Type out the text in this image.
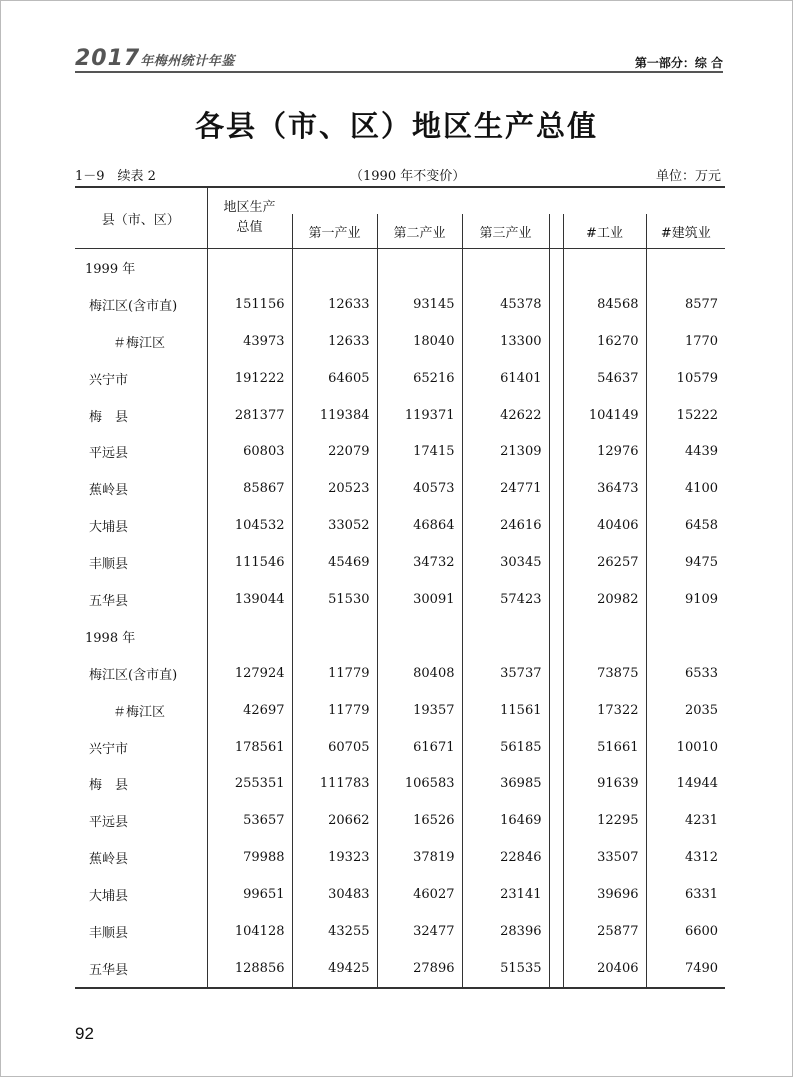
2017年梅州统计年鉴	第一部分：综 合
各县（市、区）地区生产总值
1－9　续表 2	（1990 年不变价）	单位：万元
县（市、区）	地区生产
总值						
		第一产业	第二产业	第三产业		#工业	#建筑业
1999 年							
梅江区(含市直)	151156	12633	93145	45378		84568	8577
＃梅江区	43973	12633	18040	13300		16270	1770
兴宁市	191222	64605	65216	61401		54637	10579
梅　县	281377	119384	119371	42622		104149	15222
平远县	60803	22079	17415	21309		12976	4439
蕉岭县	85867	20523	40573	24771		36473	4100
大埔县	104532	33052	46864	24616		40406	6458
丰顺县	111546	45469	34732	30345		26257	9475
五华县	139044	51530	30091	57423		20982	9109
1998 年							
梅江区(含市直)	127924	11779	80408	35737		73875	6533
＃梅江区	42697	11779	19357	11561		17322	2035
兴宁市	178561	60705	61671	56185		51661	10010
梅　县	255351	111783	106583	36985		91639	14944
平远县	53657	20662	16526	16469		12295	4231
蕉岭县	79988	19323	37819	22846		33507	4312
大埔县	99651	30483	46027	23141		39696	6331
丰顺县	104128	43255	32477	28396		25877	6600
五华县	128856	49425	27896	51535		20406	7490
92
